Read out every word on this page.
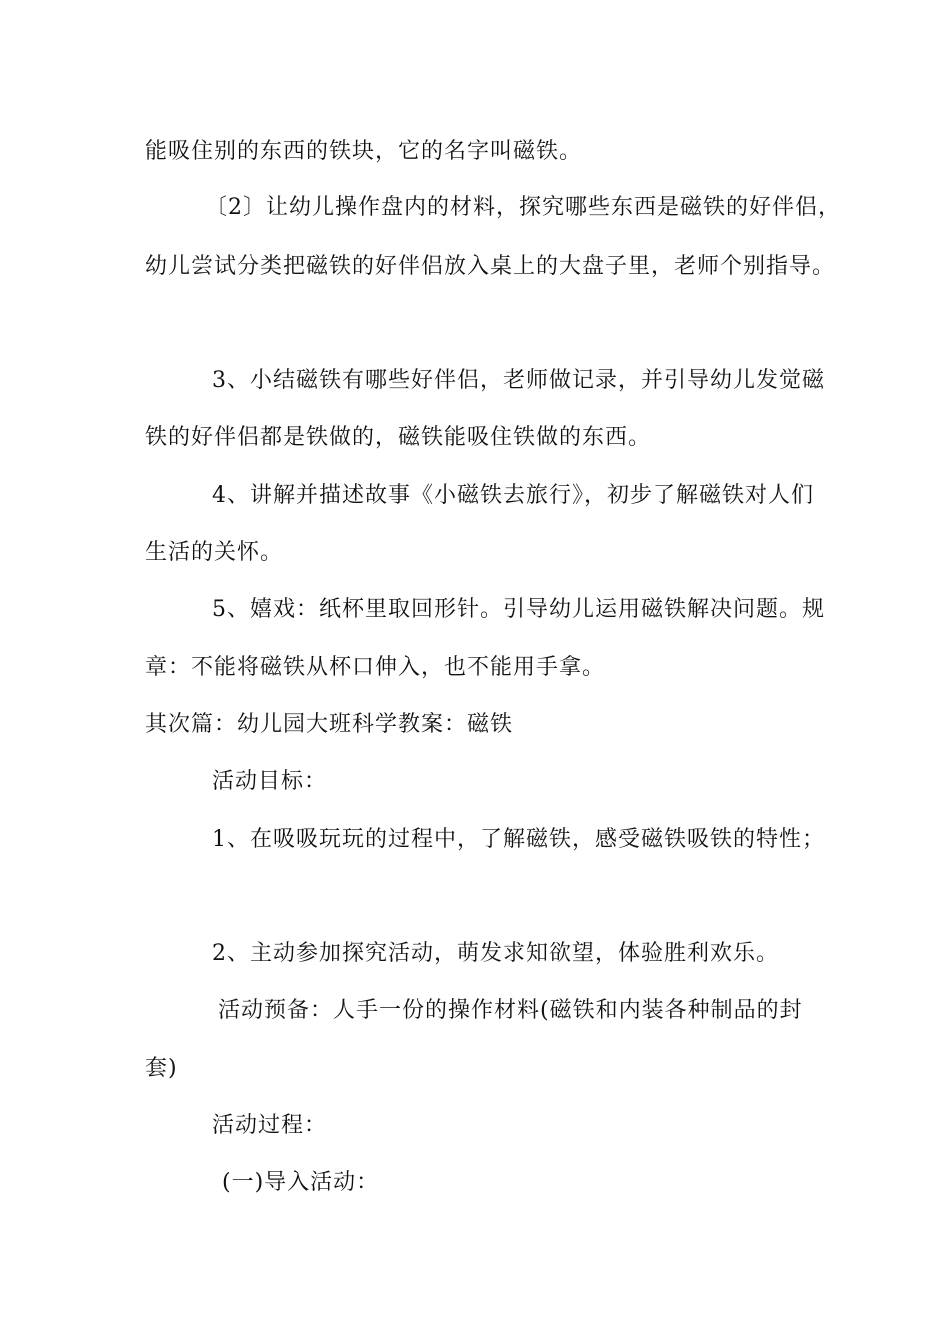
能吸住别的东西的铁块，它的名字叫磁铁。
〔2〕让幼儿操作盘内的材料，探究哪些东西是磁铁的好伴侣，
幼儿尝试分类把磁铁的好伴侣放入桌上的大盘子里，老师个别指导。
3、小结磁铁有哪些好伴侣，老师做记录，并引导幼儿发觉磁
铁的好伴侣都是铁做的，磁铁能吸住铁做的东西。
4、讲解并描述故事《小磁铁去旅行》，初步了解磁铁对人们
生活的关怀。
5、嬉戏：纸杯里取回形针。引导幼儿运用磁铁解决问题。规
章：不能将磁铁从杯口伸入，也不能用手拿。
其次篇：幼儿园大班科学教案：磁铁
活动目标：
1、在吸吸玩玩的过程中，了解磁铁，感受磁铁吸铁的特性；
2、主动参加探究活动，萌发求知欲望，体验胜利欢乐。
活动预备：人手一份的操作材料(磁铁和内装各种制品的封
套)
活动过程：
(一)导入活动：
